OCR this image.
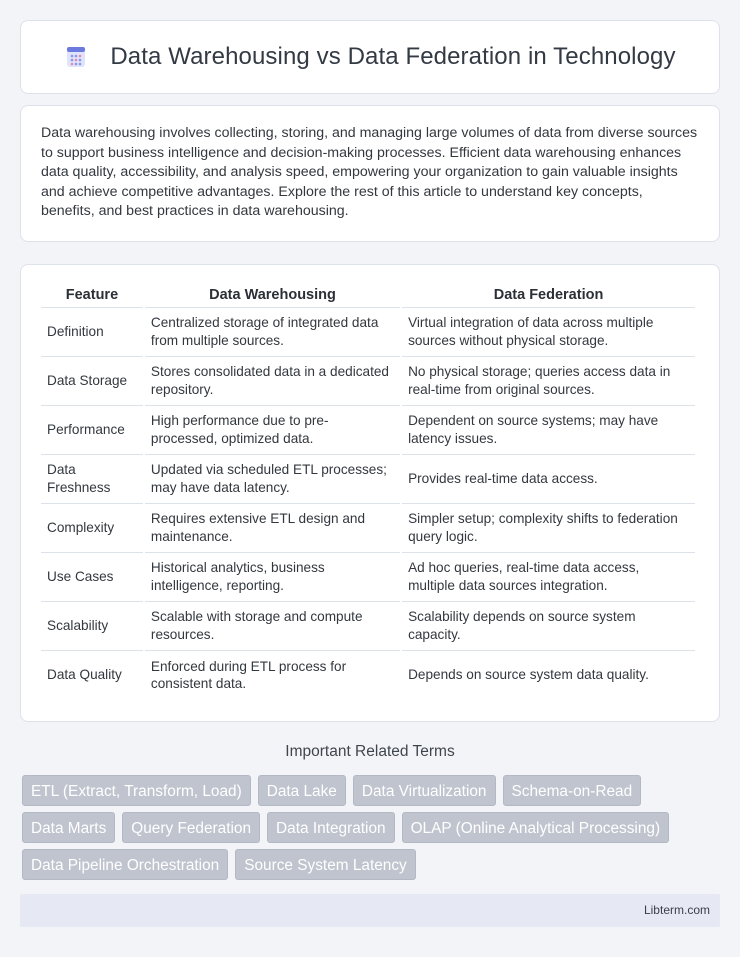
Data Warehousing vs Data Federation in Technology

Data warehousing involves collecting, storing, and managing large volumes of data from diverse sources to support business intelligence and decision-making processes. Efficient data warehousing enhances data quality, accessibility, and analysis speed, empowering your organization to gain valuable insights and achieve competitive advantages. Explore the rest of this article to understand key concepts, benefits, and best practices in data warehousing.

Feature	Data Warehousing	Data Federation
Definition	Centralized storage of integrated data from multiple sources.	Virtual integration of data across multiple sources without physical storage.
Data Storage	Stores consolidated data in a dedicated repository.	No physical storage; queries access data in real-time from original sources.
Performance	High performance due to pre-processed, optimized data.	Dependent on source systems; may have latency issues.
Data Freshness	Updated via scheduled ETL processes; may have data latency.	Provides real-time data access.
Complexity	Requires extensive ETL design and maintenance.	Simpler setup; complexity shifts to federation query logic.
Use Cases	Historical analytics, business intelligence, reporting.	Ad hoc queries, real-time data access, multiple data sources integration.
Scalability	Scalable with storage and compute resources.	Scalability depends on source system capacity.
Data Quality	Enforced during ETL process for consistent data.	Depends on source system data quality.
Important Related Terms
ETL (Extract, Transform, Load)	Data Lake	Data Virtualization	Schema-on-Read
Data Marts	Query Federation	Data Integration	OLAP (Online Analytical Processing)
Data Pipeline Orchestration	Source System Latency
Libterm.com
